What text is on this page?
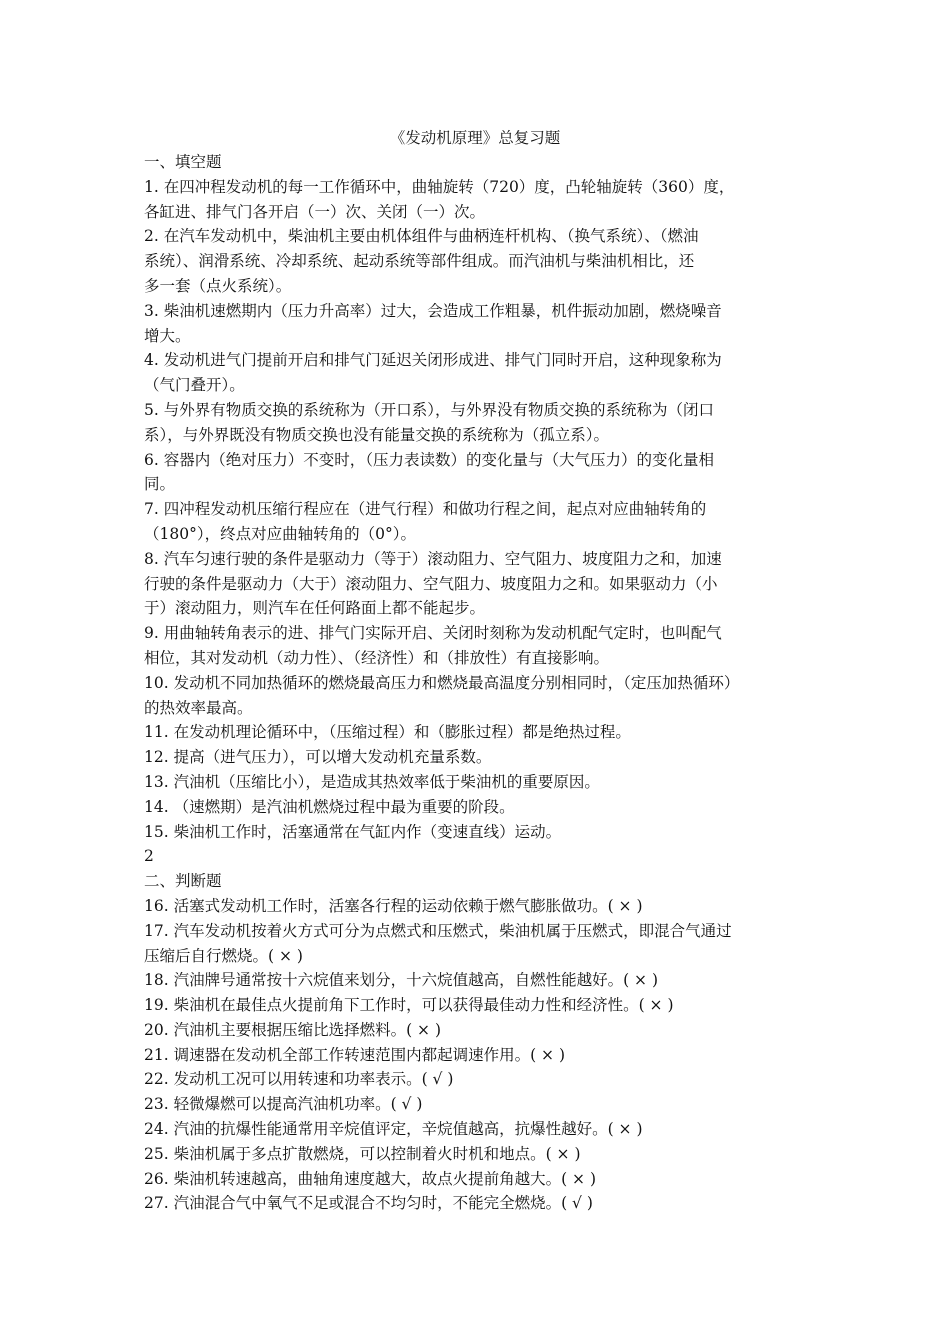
《发动机原理》总复习题
一、填空题
1. 在四冲程发动机的每一工作循环中，曲轴旋转（720）度，凸轮轴旋转（360）度，
各缸进、排气门各开启（一）次、关闭（一）次。
2. 在汽车发动机中，柴油机主要由机体组件与曲柄连杆机构、（换气系统）、（燃油
系统）、润滑系统、冷却系统、起动系统等部件组成。而汽油机与柴油机相比，还
多一套（点火系统）。
3. 柴油机速燃期内（压力升高率）过大，会造成工作粗暴，机件振动加剧，燃烧噪音
增大。
4. 发动机进气门提前开启和排气门延迟关闭形成进、排气门同时开启，这种现象称为
（气门叠开）。
5. 与外界有物质交换的系统称为（开口系），与外界没有物质交换的系统称为（闭口
系），与外界既没有物质交换也没有能量交换的系统称为（孤立系）。
6. 容器内（绝对压力）不变时，（压力表读数）的变化量与（大气压力）的变化量相
同。
7. 四冲程发动机压缩行程应在（进气行程）和做功行程之间，起点对应曲轴转角的
（180°），终点对应曲轴转角的（0°）。
8. 汽车匀速行驶的条件是驱动力（等于）滚动阻力、空气阻力、坡度阻力之和，加速
行驶的条件是驱动力（大于）滚动阻力、空气阻力、坡度阻力之和。如果驱动力（小
于）滚动阻力，则汽车在任何路面上都不能起步。
9. 用曲轴转角表示的进、排气门实际开启、关闭时刻称为发动机配气定时，也叫配气
相位，其对发动机（动力性）、（经济性）和（排放性）有直接影响。
10. 发动机不同加热循环的燃烧最高压力和燃烧最高温度分别相同时，（定压加热循环）
的热效率最高。
11. 在发动机理论循环中，（压缩过程）和（膨胀过程）都是绝热过程。
12. 提高（进气压力），可以增大发动机充量系数。
13. 汽油机（压缩比小），是造成其热效率低于柴油机的重要原因。
14. （速燃期）是汽油机燃烧过程中最为重要的阶段。
15. 柴油机工作时，活塞通常在气缸内作（变速直线）运动。
2
二、判断题
16. 活塞式发动机工作时，活塞各行程的运动依赖于燃气膨胀做功。( × )
17. 汽车发动机按着火方式可分为点燃式和压燃式，柴油机属于压燃式，即混合气通过
压缩后自行燃烧。( × )
18. 汽油牌号通常按十六烷值来划分，十六烷值越高，自燃性能越好。( × )
19. 柴油机在最佳点火提前角下工作时，可以获得最佳动力性和经济性。( × )
20. 汽油机主要根据压缩比选择燃料。( × )
21. 调速器在发动机全部工作转速范围内都起调速作用。( × )
22. 发动机工况可以用转速和功率表示。( √ )
23. 轻微爆燃可以提高汽油机功率。( √ )
24. 汽油的抗爆性能通常用辛烷值评定，辛烷值越高，抗爆性越好。( × )
25. 柴油机属于多点扩散燃烧，可以控制着火时机和地点。( × )
26. 柴油机转速越高，曲轴角速度越大，故点火提前角越大。( × )
27. 汽油混合气中氧气不足或混合不均匀时，不能完全燃烧。( √ )
